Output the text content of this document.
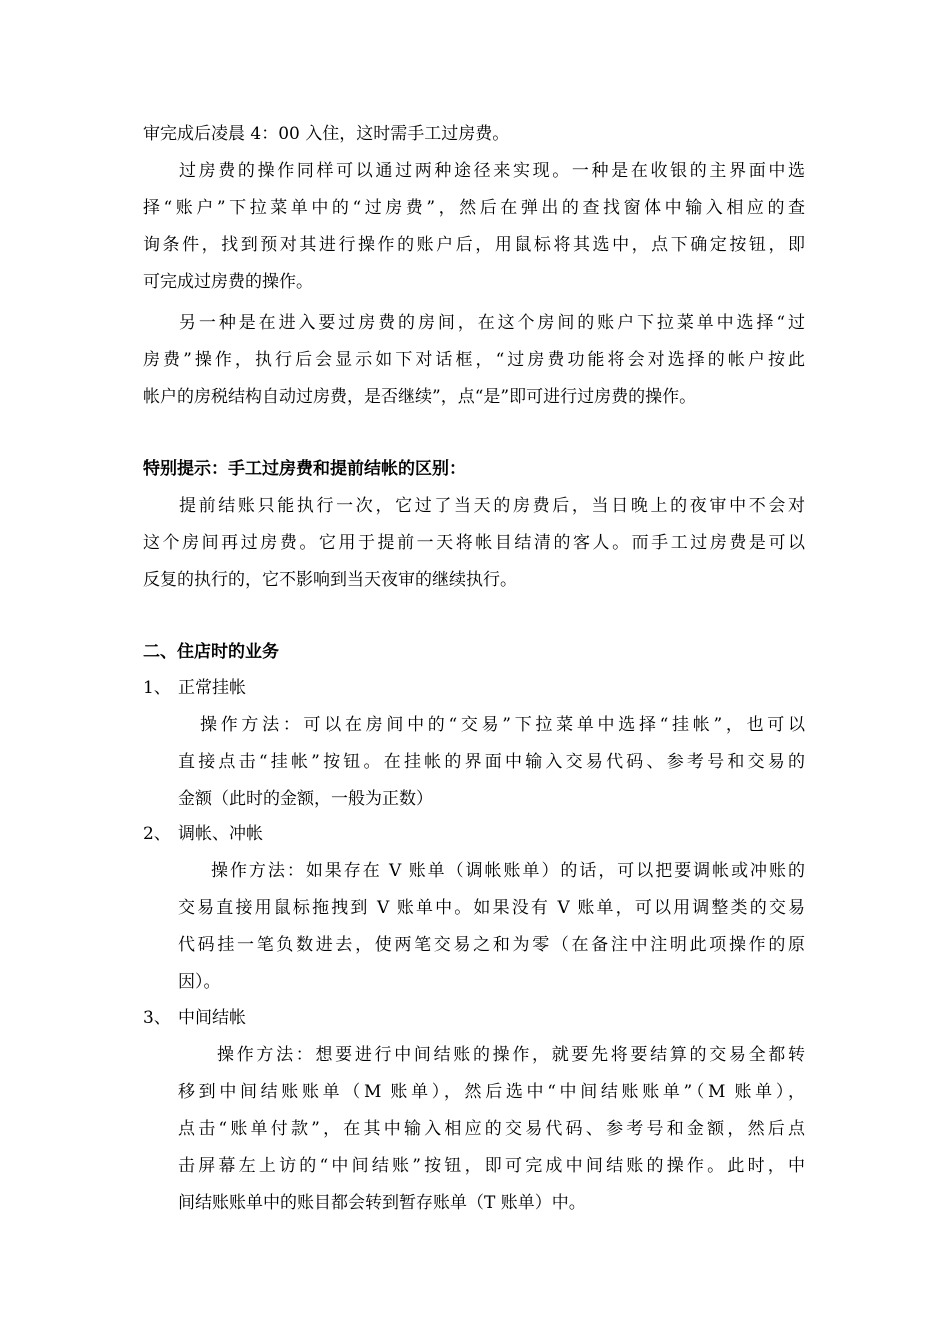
审完成后凌晨 4：00 入住，这时需手工过房费。
过房费的操作同样可以通过两种途径来实现。一种是在收银的主界面中选
择“账户”下拉菜单中的“过房费”，然后在弹出的查找窗体中输入相应的查
询条件，找到预对其进行操作的账户后，用鼠标将其选中，点下确定按钮，即
可完成过房费的操作。
另一种是在进入要过房费的房间，在这个房间的账户下拉菜单中选择“过
房费”操作，执行后会显示如下对话框，“过房费功能将会对选择的帐户按此
帐户的房税结构自动过房费，是否继续”，点“是”即可进行过房费的操作。
特别提示：手工过房费和提前结帐的区别：
提前结账只能执行一次，它过了当天的房费后，当日晚上的夜审中不会对
这个房间再过房费。它用于提前一天将帐目结清的客人。而手工过房费是可以
反复的执行的，它不影响到当天夜审的继续执行。
二、住店时的业务
1、 正常挂帐
操作方法：可以在房间中的“交易”下拉菜单中选择“挂帐”，也可以
直接点击“挂帐”按钮。在挂帐的界面中输入交易代码、参考号和交易的
金额（此时的金额，一般为正数）
2、 调帐、冲帐
操作方法：如果存在 V 账单（调帐账单）的话，可以把要调帐或冲账的
交易直接用鼠标拖拽到 V 账单中。如果没有 V 账单，可以用调整类的交易
代码挂一笔负数进去，使两笔交易之和为零（在备注中注明此项操作的原
因）。
3、 中间结帐
操作方法：想要进行中间结账的操作，就要先将要结算的交易全都转
移到中间结账账单（M 账单），然后选中“中间结账账单”（M 账单），
点击“账单付款”，在其中输入相应的交易代码、参考号和金额，然后点
击屏幕左上访的“中间结账”按钮，即可完成中间结账的操作。此时，中
间结账账单中的账目都会转到暂存账单（T 账单）中。
